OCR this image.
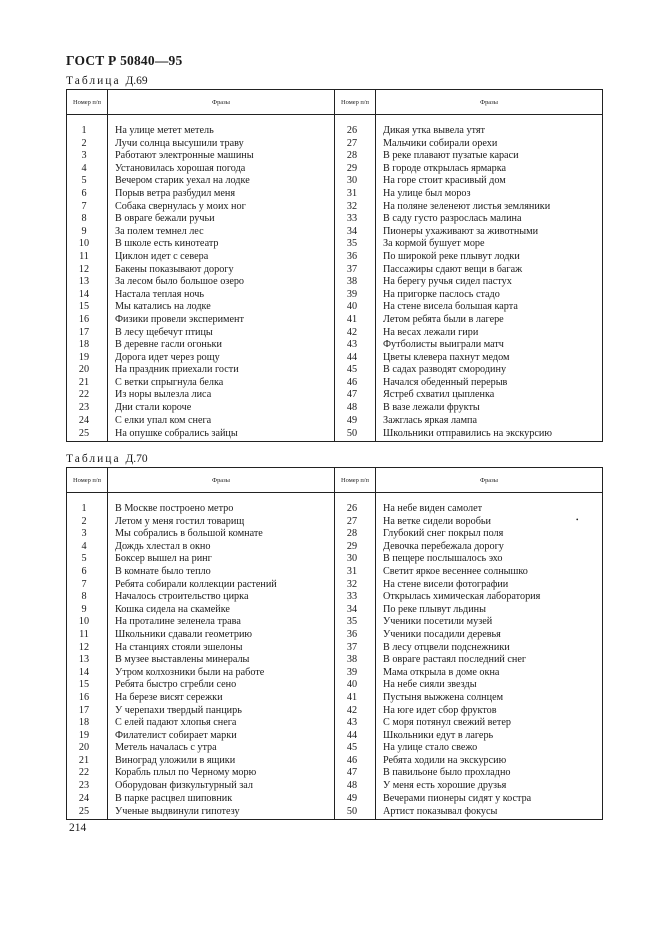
ГОСТ Р 50840—95
Таблица Д.69
Номер п/п	Фразы	Номер п/п	Фразы

1	На улице метет метель	26	Дикая утка вывела утят
2	Лучи солнца высушили траву	27	Мальчики собирали орехи
3	Работают электронные машины	28	В реке плавают пузатые караси
4	Установилась хорошая погода	29	В городе открылась ярмарка
5	Вечером старик уехал на лодке	30	На горе стоит красивый дом
6	Порыв ветра разбудил меня	31	На улице был мороз
7	Собака свернулась у моих ног	32	На поляне зеленеют листья земляники
8	В овраге бежали ручьи	33	В саду густо разрослась малина
9	За полем темнел лес	34	Пионеры ухаживают за животными
10	В школе есть кинотеатр	35	За кормой бушует море
11	Циклон идет с севера	36	По широкой реке плывут лодки
12	Бакены показывают дорогу	37	Пассажиры сдают вещи в багаж
13	За лесом было большое озеро	38	На берегу ручья сидел пастух
14	Настала теплая ночь	39	На пригорке паслось стадо
15	Мы катались на лодке	40	На стене висела большая карта
16	Физики провели эксперимент	41	Летом ребята были в лагере
17	В лесу щебечут птицы	42	На весах лежали гири
18	В деревне гасли огоньки	43	Футболисты выиграли матч
19	Дорога идет через рощу	44	Цветы клевера пахнут медом
20	На праздник приехали гости	45	В садах разводят смородину
21	С ветки спрыгнула белка	46	Начался обеденный перерыв
22	Из норы вылезла лиса	47	Ястреб схватил цыпленка
23	Дни стали короче	48	В вазе лежали фрукты
24	С елки упал ком снега	49	Зажглась яркая лампа
25	На опушке собрались зайцы	50	Школьники отправились на экскурсию
Таблица Д.70
Номер п/п	Фразы	Номер п/п	Фразы

1	В Москве построено метро	26	На небе виден самолет
2	Летом у меня гостил товарищ	27	На ветке сидели воробьи
3	Мы собрались в большой комнате	28	Глубокий снег покрыл поля
4	Дождь хлестал в окно	29	Девочка перебежала дорогу
5	Боксер вышел на ринг	30	В пещере послышалось эхо
6	В комнате было тепло	31	Светит яркое весеннее солнышко
7	Ребята собирали коллекции растений	32	На стене висели фотографии
8	Началось строительство цирка	33	Открылась химическая лаборатория
9	Кошка сидела на скамейке	34	По реке плывут льдины
10	На проталине зеленела трава	35	Ученики посетили музей
11	Школьники сдавали геометрию	36	Ученики посадили деревья
12	На станциях стояли эшелоны	37	В лесу отцвели подснежники
13	В музее выставлены минералы	38	В овраге растаял последний снег
14	Утром колхозники были на работе	39	Мама открыла в доме окна
15	Ребята быстро сгребли сено	40	На небе сияли звезды
16	На березе висят сережки	41	Пустыня выжжена солнцем
17	У черепахи твердый панцирь	42	На юге идет сбор фруктов
18	С елей падают хлопья снега	43	С моря потянул свежий ветер
19	Филателист собирает марки	44	Школьники едут в лагерь
20	Метель началась с утра	45	На улице стало свежо
21	Виноград уложили в ящики	46	Ребята ходили на экскурсию
22	Корабль плыл по Черному морю	47	В павильоне было прохладно
23	Оборудован физкультурный зал	48	У меня есть хорошие друзья
24	В парке расцвел шиповник	49	Вечерами пионеры сидят у костра
25	Ученые выдвинули гипотезу	50	Артист показывал фокусы
•
214
